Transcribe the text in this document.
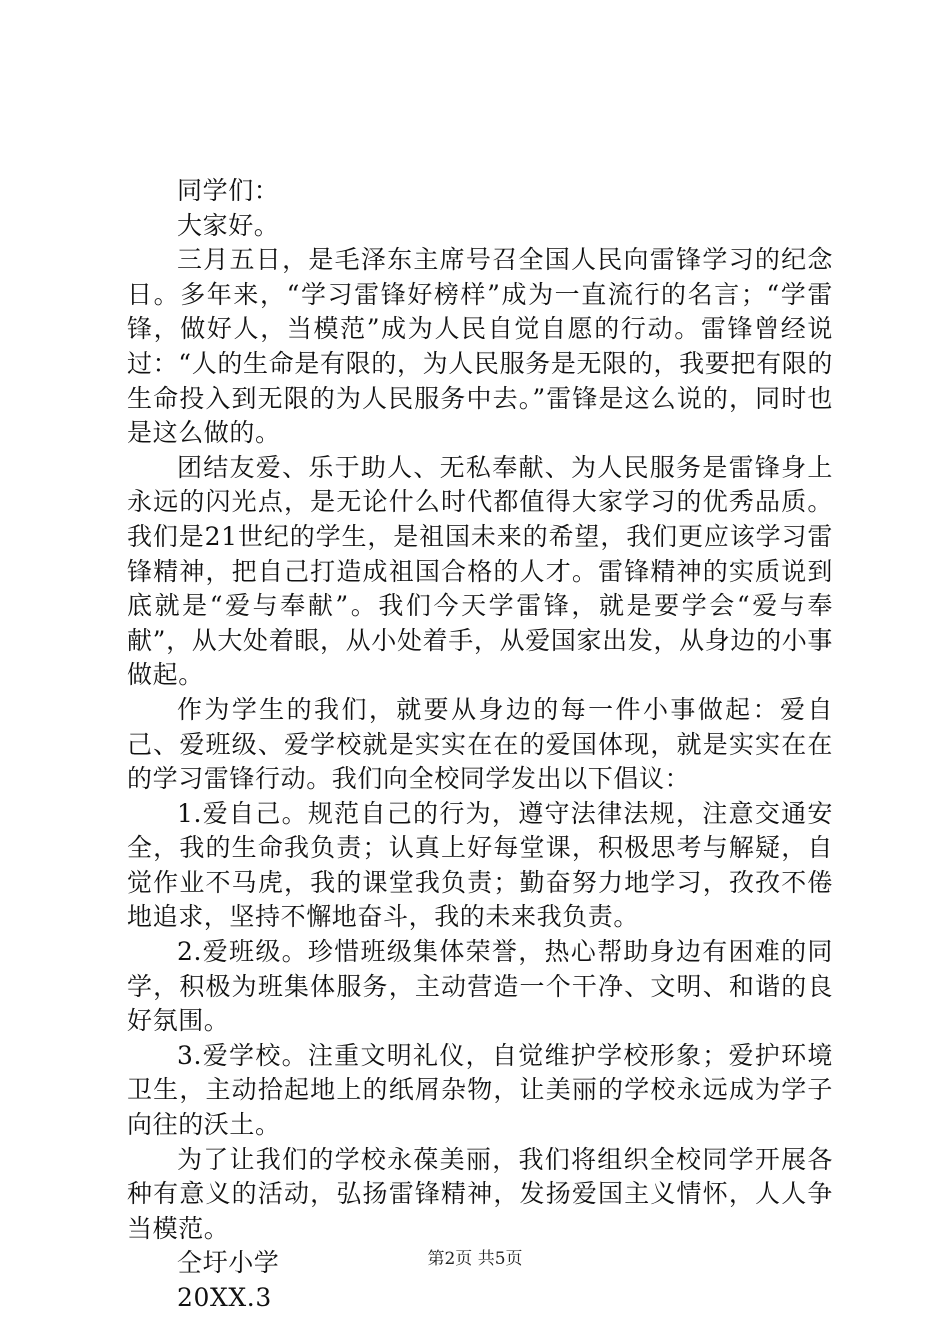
同学们：

大家好。

三月五日，是毛泽东主席号召全国人民向雷锋学习的纪念日。多年来，“学习雷锋好榜样”成为一直流行的名言；“学雷锋，做好人，当模范”成为人民自觉自愿的行动。雷锋曾经说过：“人的生命是有限的，为人民服务是无限的，我要把有限的生命投入到无限的为人民服务中去。”雷锋是这么说的，同时也是这么做的。

团结友爱、乐于助人、无私奉献、为人民服务是雷锋身上永远的闪光点，是无论什么时代都值得大家学习的优秀品质。我们是21世纪的学生，是祖国未来的希望，我们更应该学习雷锋精神，把自己打造成祖国合格的人才。雷锋精神的实质说到底就是“爱与奉献”。我们今天学雷锋，就是要学会“爱与奉献”，从大处着眼，从小处着手，从爱国家出发，从身边的小事做起。

作为学生的我们，就要从身边的每一件小事做起：爱自己、爱班级、爱学校就是实实在在的爱国体现，就是实实在在的学习雷锋行动。我们向全校同学发出以下倡议：

1.爱自己。规范自己的行为，遵守法律法规，注意交通安全，我的生命我负责；认真上好每堂课，积极思考与解疑，自觉作业不马虎，我的课堂我负责；勤奋努力地学习，孜孜不倦地追求，坚持不懈地奋斗，我的未来我负责。

2.爱班级。珍惜班级集体荣誉，热心帮助身边有困难的同学，积极为班集体服务，主动营造一个干净、文明、和谐的良好氛围。

3.爱学校。注重文明礼仪，自觉维护学校形象；爱护环境卫生，主动拾起地上的纸屑杂物，让美丽的学校永远成为学子向往的沃土。

为了让我们的学校永葆美丽，我们将组织全校同学开展各种有意义的活动，弘扬雷锋精神，发扬爱国主义情怀，人人争当模范。

仝圩小学

20XX.3

第2页 共5页
